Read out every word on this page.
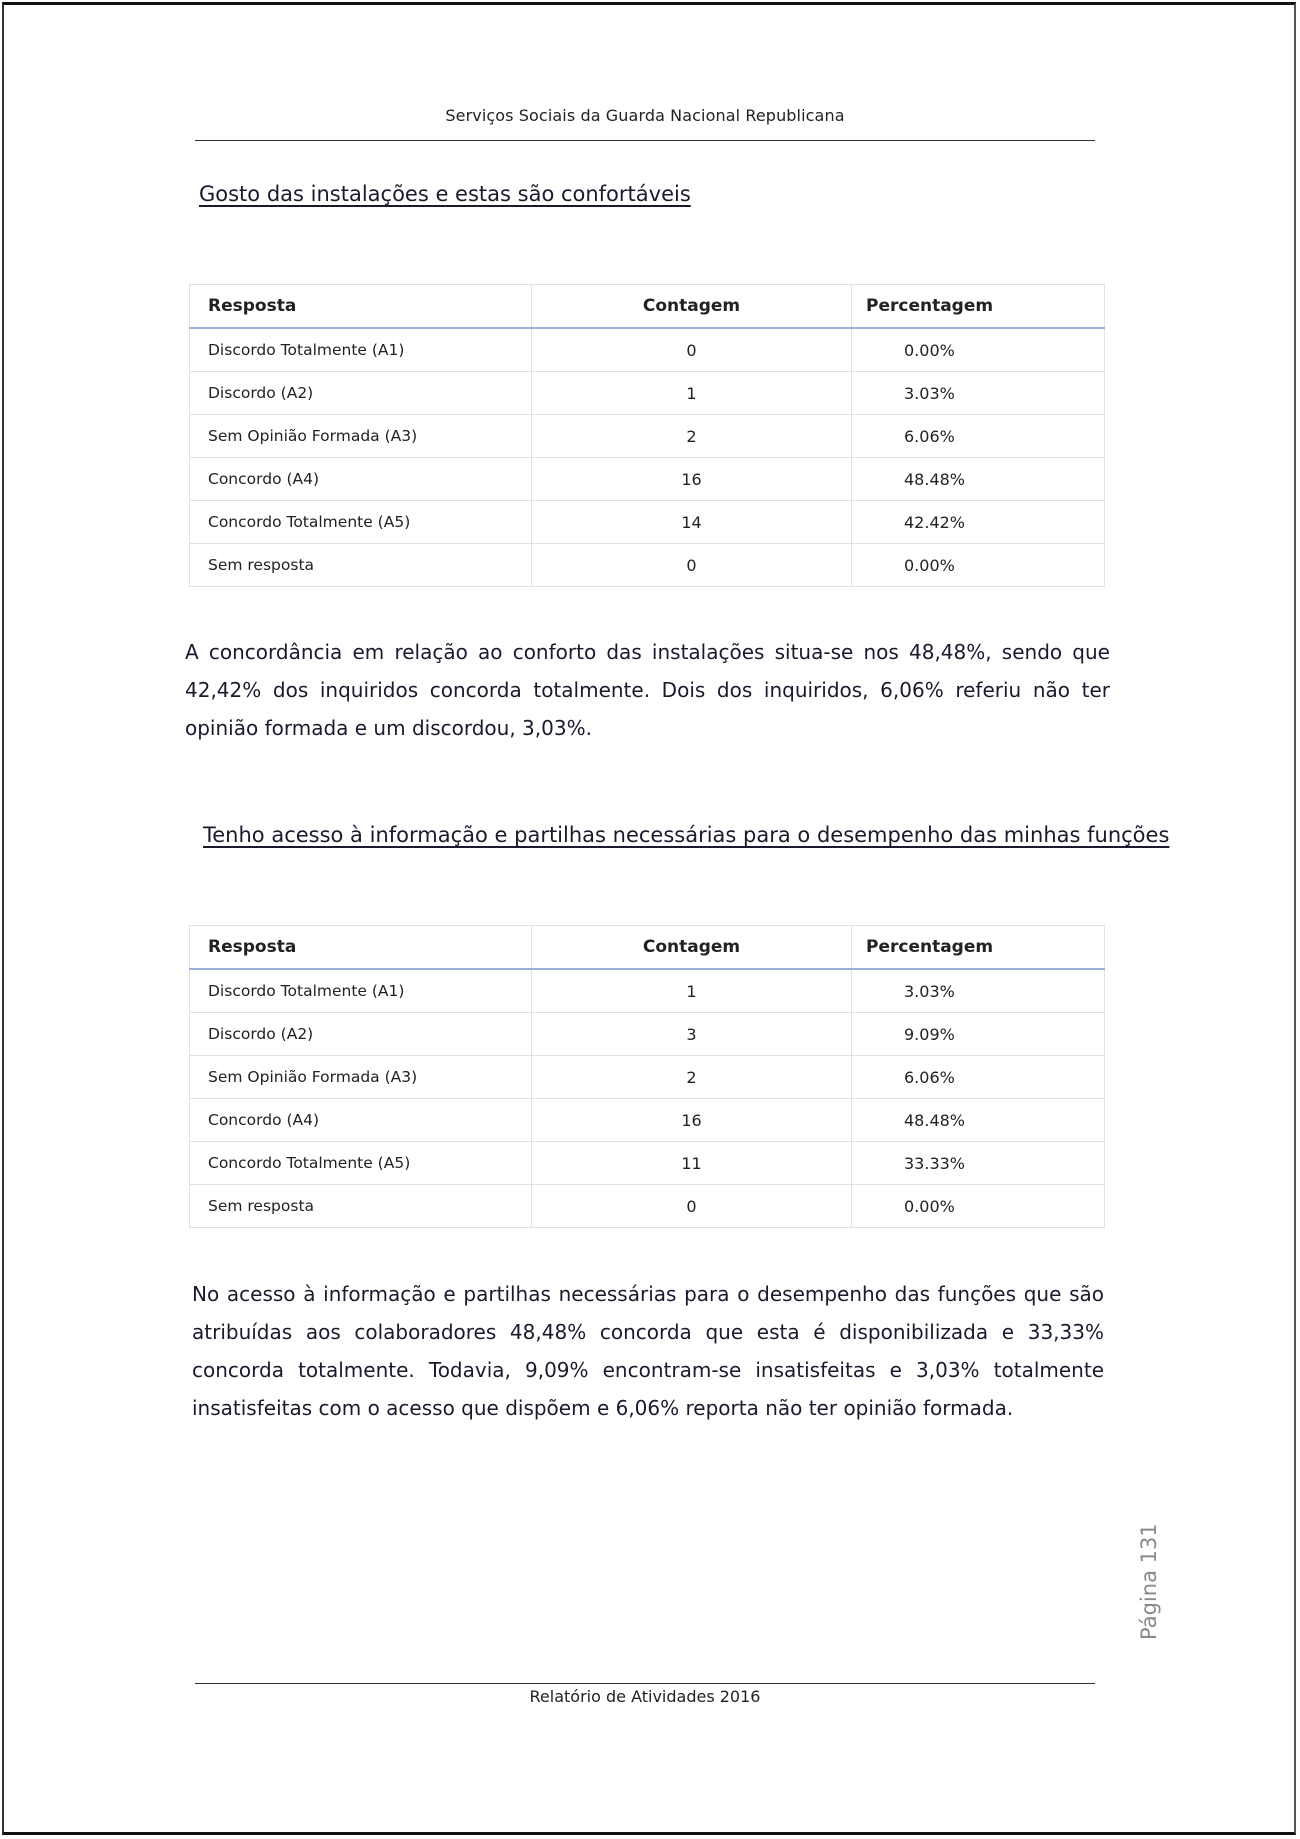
Serviços Sociais da Guarda Nacional Republicana
Gosto das instalações e estas são confortáveis
Resposta	Contagem	Percentagem
Discordo Totalmente (A1)	0	0.00%
Discordo (A2)	1	3.03%
Sem Opinião Formada (A3)	2	6.06%
Concordo (A4)	16	48.48%
Concordo Totalmente (A5)	14	42.42%
Sem resposta	0	0.00%
A concordância em relação ao conforto das instalações situa-se nos 48,48%, sendo que 42,42% dos inquiridos concorda totalmente. Dois dos inquiridos, 6,06% referiu não ter opinião formada e um discordou, 3,03%.
Tenho acesso à informação e partilhas necessárias para o desempenho das minhas funções
Resposta	Contagem	Percentagem
Discordo Totalmente (A1)	1	3.03%
Discordo (A2)	3	9.09%
Sem Opinião Formada (A3)	2	6.06%
Concordo (A4)	16	48.48%
Concordo Totalmente (A5)	11	33.33%
Sem resposta	0	0.00%
No acesso à informação e partilhas necessárias para o desempenho das funções que são atribuídas aos colaboradores 48,48% concorda que esta é disponibilizada e 33,33% concorda totalmente. Todavia, 9,09% encontram-se insatisfeitas e 3,03% totalmente insatisfeitas com o acesso que dispõem e 6,06% reporta não ter opinião formada.
Página 131
Relatório de Atividades 2016
